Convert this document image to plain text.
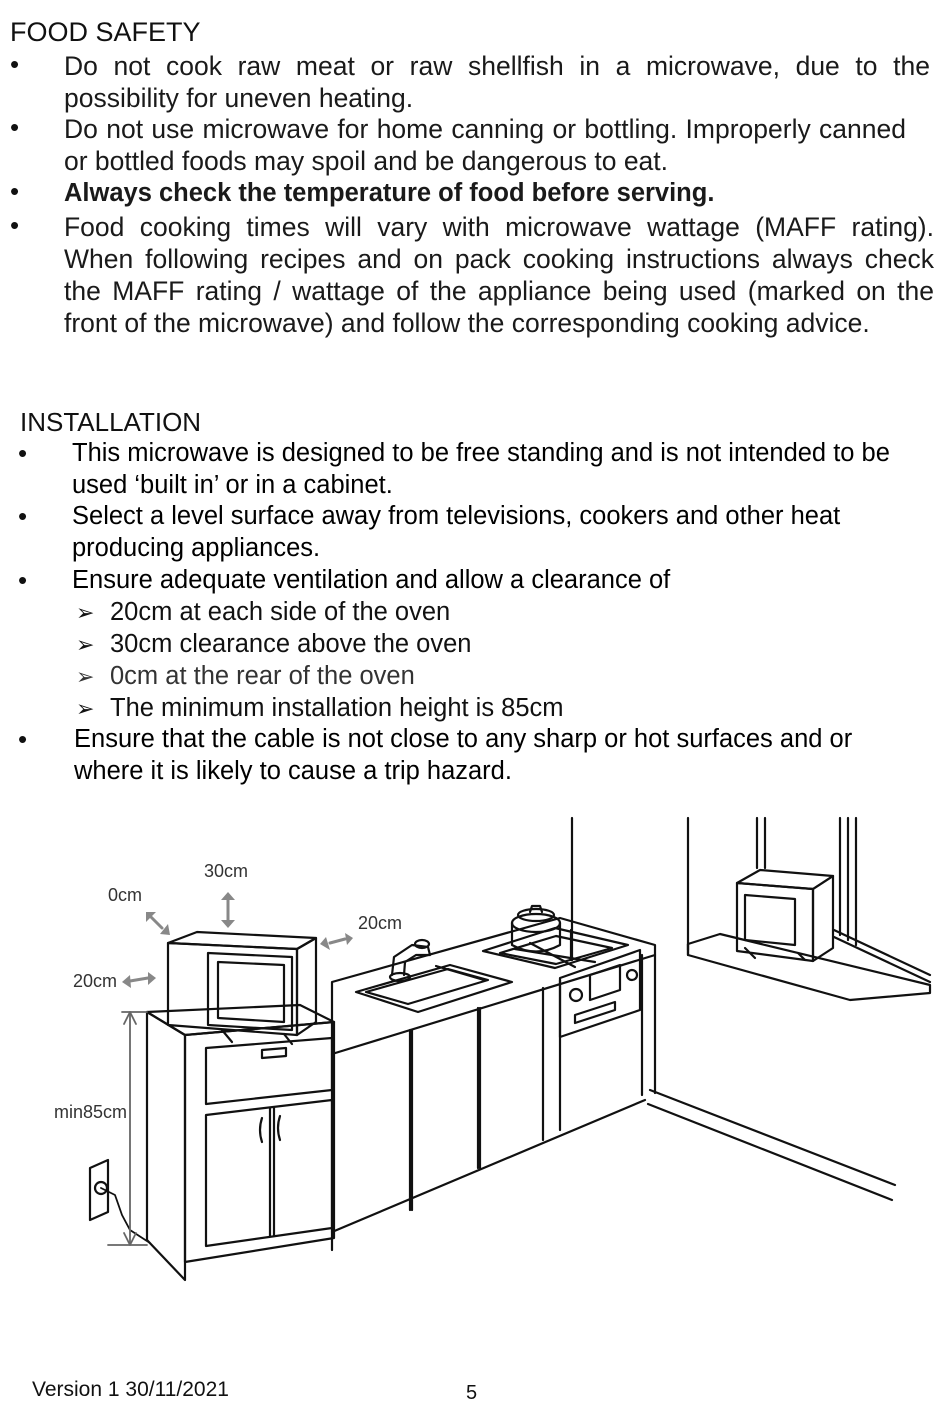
FOOD SAFETY
• Do not cook raw meat or raw shellfish in a microwave, due to the possibility for uneven heating.
• Do not use microwave for home canning or bottling. Improperly canned or bottled foods may spoil and be dangerous to eat.
• Always check the temperature of food before serving.
• Food cooking times will vary with microwave wattage (MAFF rating). When following recipes and on pack cooking instructions always check the MAFF rating / wattage of the appliance being used (marked on the front of the microwave) and follow the corresponding cooking advice.
INSTALLATION
• This microwave is designed to be free standing and is not intended to be used ‘built in’ or in a cabinet.
• Select a level surface away from televisions, cookers and other heat producing appliances.
• Ensure adequate ventilation and allow a clearance of
➢ 20cm at each side of the oven
➢ 30cm clearance above the oven
➢ 0cm at the rear of the oven
➢ The minimum installation height is 85cm
• Ensure that the cable is not close to any sharp or hot surfaces and or where it is likely to cause a trip hazard.
30cm
0cm
20cm
20cm
min85cm
Version 1 30/11/2021	5
